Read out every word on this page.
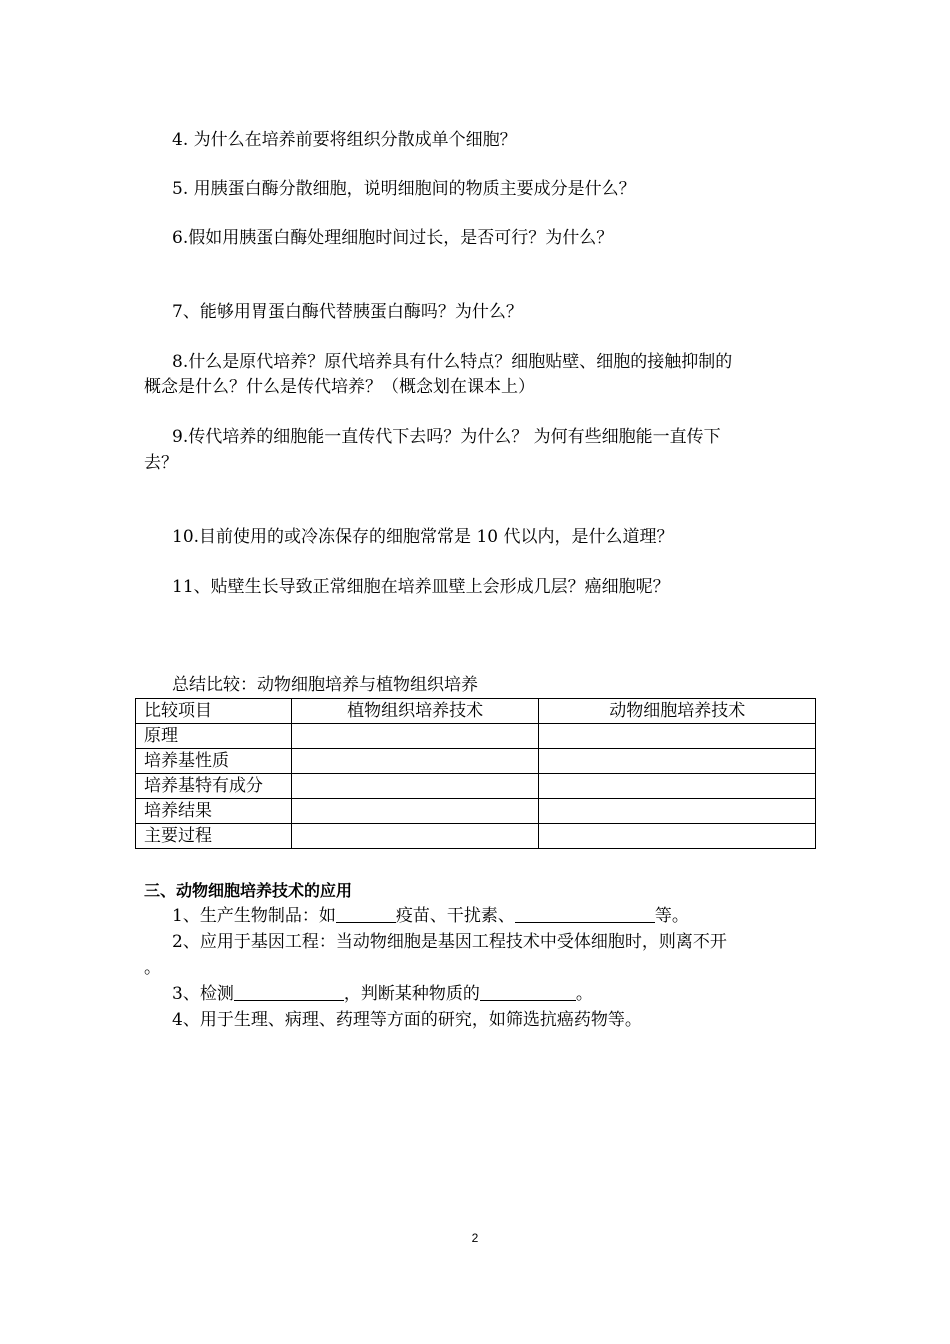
4. 为什么在培养前要将组织分散成单个细胞？
5. 用胰蛋白酶分散细胞，说明细胞间的物质主要成分是什么？
6.假如用胰蛋白酶处理细胞时间过长，是否可行？为什么？
7、能够用胃蛋白酶代替胰蛋白酶吗？为什么？
8.什么是原代培养？原代培养具有什么特点？细胞贴壁、细胞的接触抑制的
概念是什么？什么是传代培养？（概念划在课本上）
9.传代培养的细胞能一直传代下去吗？为什么？ 为何有些细胞能一直传下
去？
10.目前使用的或冷冻保存的细胞常常是 10 代以内，是什么道理？
11、贴壁生长导致正常细胞在培养皿壁上会形成几层？癌细胞呢？
总结比较：动物细胞培养与植物组织培养
比较项目	植物组织培养技术	动物细胞培养技术
原理		
培养基性质		
培养基特有成分		
培养结果		
主要过程		
三、动物细胞培养技术的应用
1、生产生物制品：如	疫苗、干扰素、	等。
2、应用于基因工程：当动物细胞是基因工程技术中受体细胞时，则离不开
。
3、检测	，判断某种物质的	。
4、用于生理、病理、药理等方面的研究，如筛选抗癌药物等。
2
